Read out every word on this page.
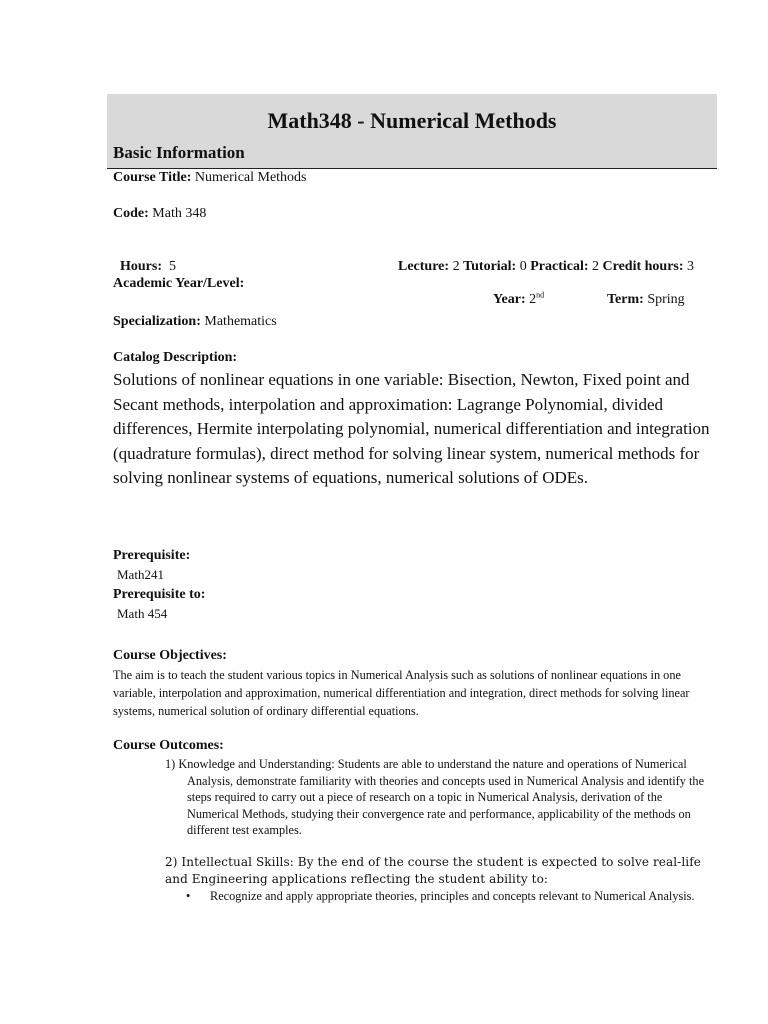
Math348 - Numerical Methods
Basic Information
Course Title: Numerical Methods
Code: Math 348

Hours:  5	Lecture: 2 Tutorial: 0 Practical: 2 Credit hours: 3

Academic Year/Level:

Year: 2nd	Term: Spring

Specialization: Mathematics
Catalog Description:
Solutions of nonlinear equations in one variable: Bisection, Newton, Fixed point and Secant methods, interpolation and approximation: Lagrange Polynomial, divided differences, Hermite interpolating polynomial, numerical differentiation and integration (quadrature formulas), direct method for solving linear system, numerical methods for solving nonlinear systems of equations, numerical solutions of ODEs.
Prerequisite:
Math241
Prerequisite to:
Math 454
Course Objectives:
The aim is to teach the student various topics in Numerical Analysis such as solutions of nonlinear equations in one variable, interpolation and approximation, numerical differentiation and integration, direct methods for solving linear systems, numerical solution of ordinary differential equations.
Course Outcomes:
1) Knowledge and Understanding: Students are able to understand the nature and operations of Numerical Analysis, demonstrate familiarity with theories and concepts used in Numerical Analysis and identify the steps required to carry out a piece of research on a topic in Numerical Analysis, derivation of the Numerical Methods, studying their convergence rate and performance, applicability of the methods on different test examples.
2) Intellectual Skills: By the end of the course the student is expected to solve real-life and Engineering applications reflecting the student ability to:
• Recognize and apply appropriate theories, principles and concepts relevant to Numerical Analysis.
